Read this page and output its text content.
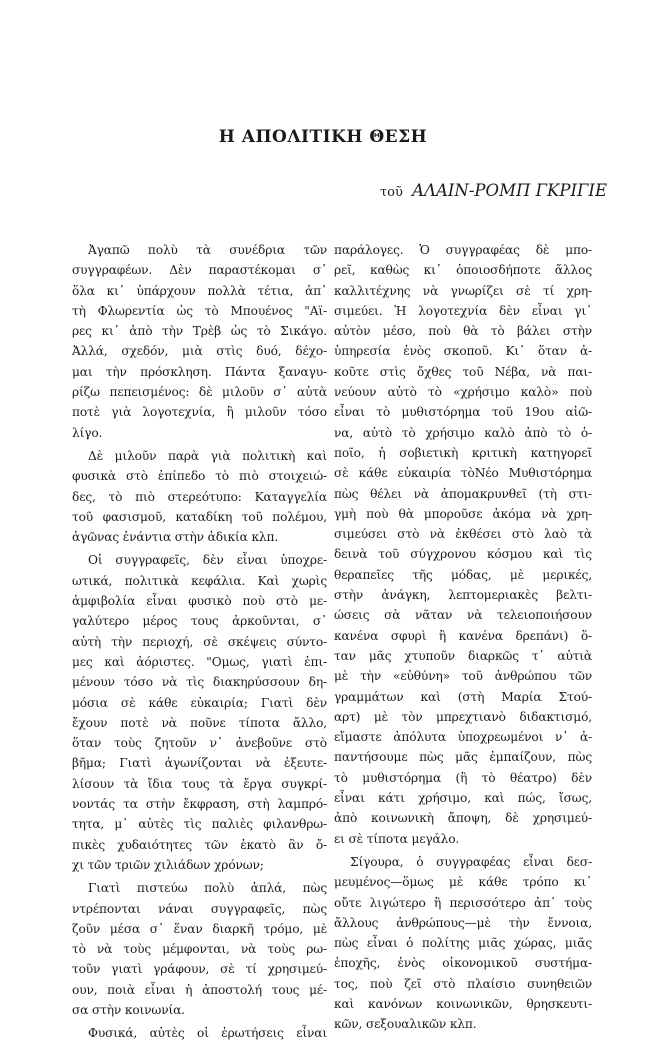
Η ΑΠΟΛΙΤΙΚΗ ΘΕΣΗ
τοῦ ΑΛΑΙΝ-ΡΟΜΠ ΓΚΡΙΓΙΕ
Ἀγαπῶ πολὺ τὰ συνέδρια τῶν
συγγραφέων. Δὲν παραστέκομαι σ᾿
ὅλα κι᾿ ὑπάρχουν πολλὰ τέτια, ἀπ᾿
τὴ Φλωρεντία ὡς τὸ Μπουένος "Αϊ-
ρες κι᾿ ἀπὸ τὴν Τρὲβ ὡς τὸ Σικάγο.
Ἀλλά, σχεδόν, μιὰ στὶς δυό, δέχο-
μαι τὴν πρόσκληση. Πάντα ξαναγυ-
ρίζω πεπεισμένος: δὲ μιλοῦν σ᾿ αὐτὰ
ποτὲ γιὰ λογοτεχνία, ἢ μιλοῦν τόσο
λίγο.
Δὲ μιλοῦν παρὰ γιὰ πολιτικὴ καὶ
φυσικὰ στὸ ἐπίπεδο τὸ πιὸ στοιχειώ-
δες, τὸ πιὸ στερεότυπο: Καταγγελία
τοῦ φασισμοῦ, καταδίκη τοῦ πολέμου,
ἀγῶνας ἐνάντια στὴν ἀδικία κλπ.
Οἱ συγγραφεῖς, δὲν εἶναι ὑποχρε-
ωτικά, πολιτικὰ κεφάλια. Καὶ χωρὶς
ἀμφιβολία εἶναι φυσικὸ ποὺ στὸ με-
γαλύτερο μέρος τους ἀρκοῦνται, σ᾿
αὐτὴ τὴν περιοχή, σὲ σκέψεις σύντο-
μες καὶ ἀόριστες. "Ομως, γιατὶ ἐπι-
μένουν τόσο νὰ τὶς διακηρύσσουν δη-
μόσια σὲ κάθε εὐκαιρία; Γιατὶ δὲν
ἔχουν ποτὲ νὰ ποῦνε τίποτα ἄλλο,
ὅταν τοὺς ζητοῦν ν᾿ ἀνεβοῦνε στὸ
βῆμα; Γιατὶ ἀγωνίζονται νὰ ἐξευτε-
λίσουν τὰ ἴδια τους τὰ ἔργα συγκρί-
νοντάς τα στὴν ἔκφραση, στὴ λαμπρό-
τητα, μ᾿ αὐτὲς τὶς παλιὲς φιλανθρω-
πικὲς χυδαιότητες τῶν ἑκατὸ ἂν ὄ-
χι τῶν τριῶν χιλιάδων χρόνων;
Γιατὶ πιστεύω πολὺ ἁπλά, πὼς
ντρέπονται νάναι συγγραφεῖς, πὼς
ζοῦν μέσα σ᾿ ἕναν διαρκῆ τρόμο, μὲ
τὸ νὰ τοὺς μέμφονται, νὰ τοὺς ρω-
τοῦν γιατὶ γράφουν, σὲ τί χρησιμεύ-
ουν, ποιὰ εἶναι ἡ ἀποστολή τους μέ-
σα στὴν κοινωνία.
Φυσικά, αὐτὲς οἱ ἐρωτήσεις εἶναι
παράλογες. Ὁ συγγραφέας δὲ μπο-
ρεῖ, καθὼς κι᾿ ὁποιοσδήποτε ἄλλος
καλλιτέχνης νὰ γνωρίζει σὲ τί χρη-
σιμεύει. Ἡ λογοτεχνία δὲν εἶναι γι᾿
αὐτὸν μέσο, ποὺ θὰ τὸ βάλει στὴν
ὑπηρεσία ἑνὸς σκοποῦ. Κι᾿ ὅταν ἀ-
κοῦτε στὶς ὄχθες τοῦ Νέβα, νὰ παι-
νεύουν αὐτὸ τὸ «χρήσιμο καλὸ» ποὺ
εἶναι τὸ μυθιστόρημα τοῦ 19ου αἰῶ-
να, αὐτὸ τὸ χρήσιμο καλὸ ἀπὸ τὸ ὁ-
ποῖο, ἡ σοβιετικὴ κριτικὴ κατηγορεῖ
σὲ κάθε εὐκαιρία τὸΝέο Μυθιστόρημα
πὼς θέλει νὰ ἀπομακρυνθεῖ (τὴ στι-
γμὴ ποὺ θὰ μποροῦσε ἀκόμα νὰ χρη-
σιμεύσει στὸ νὰ ἐκθέσει στὸ λαὸ τὰ
δεινὰ τοῦ σύγχρονου κόσμου καὶ τὶς
θεραπεῖες τῆς μόδας, μὲ μερικές,
στὴν ἀνάγκη, λεπτομεριακὲς βελτι-
ώσεις σὰ νᾶταν νὰ τελειοποιήσουν
κανένα σφυρὶ ἢ κανένα δρεπάνι) ὅ-
ταν μᾶς χτυποῦν διαρκῶς τ᾿ αὐτιὰ
μὲ τὴν «εὐθύνη» τοῦ ἀνθρώπου τῶν
γραμμάτων καὶ (στὴ Μαρία Στού-
αρτ) μὲ τὸν μπρεχτιανὸ διδακτισμό,
εἴμαστε ἀπόλυτα ὑποχρεωμένοι ν᾿ ἀ-
παντήσουμε πὼς μᾶς ἐμπαίζουν, πὼς
τὸ μυθιστόρημα (ἢ τὸ θέατρο) δὲν
εἶναι κάτι χρήσιμο, καὶ πώς, ἴσως,
ἀπὸ κοινωνικὴ ἄποψη, δὲ χρησιμεύ-
ει σὲ τίποτα μεγάλο.
Σίγουρα, ὁ συγγραφέας εἶναι δεσ-
μευμένος—ὅμως μὲ κάθε τρόπο κι᾿
οὔτε λιγώτερο ἢ περισσότερο ἀπ᾿ τοὺς
ἄλλους ἀνθρώπους—μὲ τὴν ἔννοια,
πὼς εἶναι ὁ πολίτης μιᾶς χώρας, μιᾶς
ἐποχῆς, ἑνὸς οἰκονομικοῦ συστήμα-
τος, ποὺ ζεῖ στὸ πλαίσιο συνηθειῶν
καὶ κανόνων κοινωνικῶν, θρησκευτι-
κῶν, σεξουαλικῶν κλπ.
